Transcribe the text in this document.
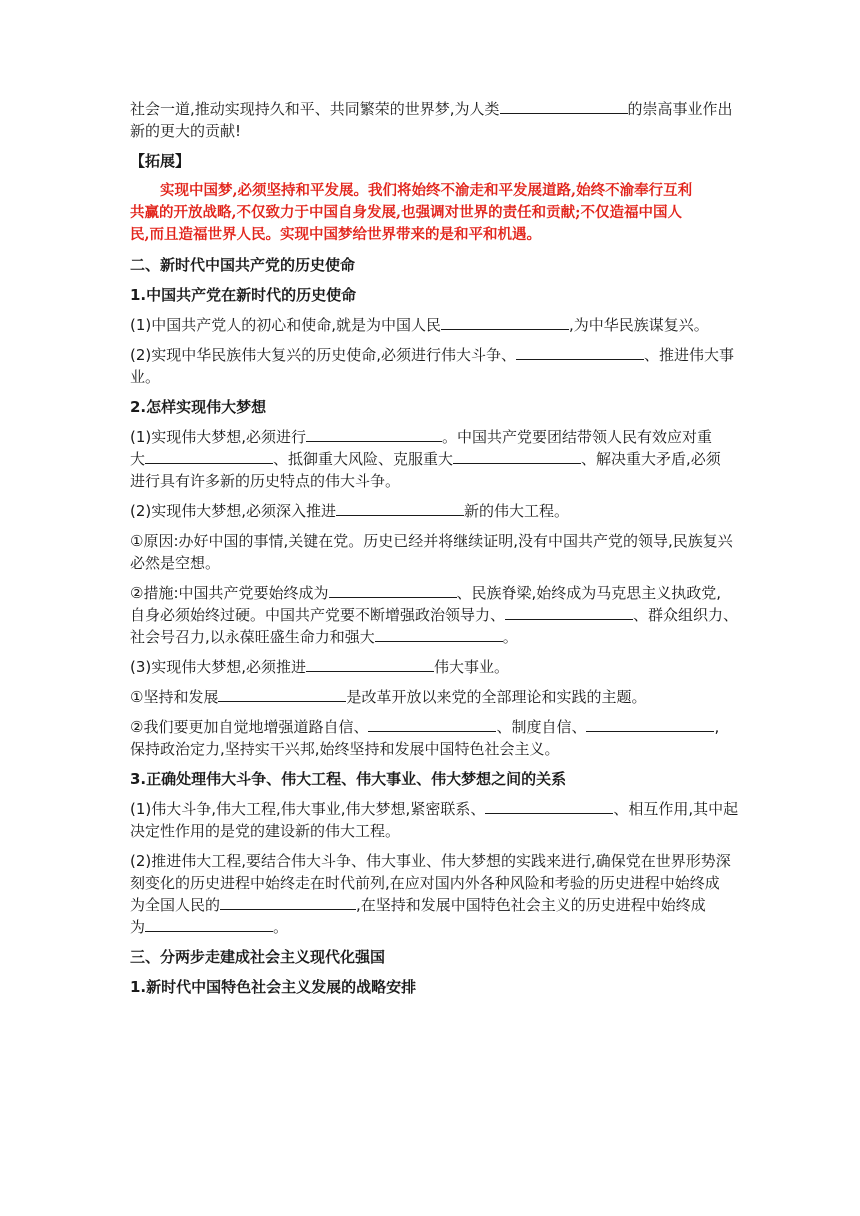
社会一道,推动实现持久和平、共同繁荣的世界梦,为人类	的崇高事业作出
新的更大的贡献!
【拓展】
实现中国梦,必须坚持和平发展。我们将始终不渝走和平发展道路,始终不渝奉行互利
共赢的开放战略,不仅致力于中国自身发展,也强调对世界的责任和贡献;不仅造福中国人
民,而且造福世界人民。实现中国梦给世界带来的是和平和机遇。
二、新时代中国共产党的历史使命
1.中国共产党在新时代的历史使命
(1)中国共产党人的初心和使命,就是为中国人民	,为中华民族谋复兴。
(2)实现中华民族伟大复兴的历史使命,必须进行伟大斗争、	、推进伟大事
业。
2.怎样实现伟大梦想
(1)实现伟大梦想,必须进行	。中国共产党要团结带领人民有效应对重
大	、抵御重大风险、克服重大	、解决重大矛盾,必须
进行具有许多新的历史特点的伟大斗争。
(2)实现伟大梦想,必须深入推进	新的伟大工程。
①原因:办好中国的事情,关键在党。历史已经并将继续证明,没有中国共产党的领导,民族复兴
必然是空想。
②措施:中国共产党要始终成为	、民族脊梁,始终成为马克思主义执政党,
自身必须始终过硬。中国共产党要不断增强政治领导力、	、群众组织力、
社会号召力,以永葆旺盛生命力和强大	。
(3)实现伟大梦想,必须推进	伟大事业。
①坚持和发展	是改革开放以来党的全部理论和实践的主题。
②我们要更加自觉地增强道路自信、	、制度自信、	,
保持政治定力,坚持实干兴邦,始终坚持和发展中国特色社会主义。
3.正确处理伟大斗争、伟大工程、伟大事业、伟大梦想之间的关系
(1)伟大斗争,伟大工程,伟大事业,伟大梦想,紧密联系、	、相互作用,其中起
决定性作用的是党的建设新的伟大工程。
(2)推进伟大工程,要结合伟大斗争、伟大事业、伟大梦想的实践来进行,确保党在世界形势深
刻变化的历史进程中始终走在时代前列,在应对国内外各种风险和考验的历史进程中始终成
为全国人民的	,在坚持和发展中国特色社会主义的历史进程中始终成
为	。
三、分两步走建成社会主义现代化强国
1.新时代中国特色社会主义发展的战略安排
